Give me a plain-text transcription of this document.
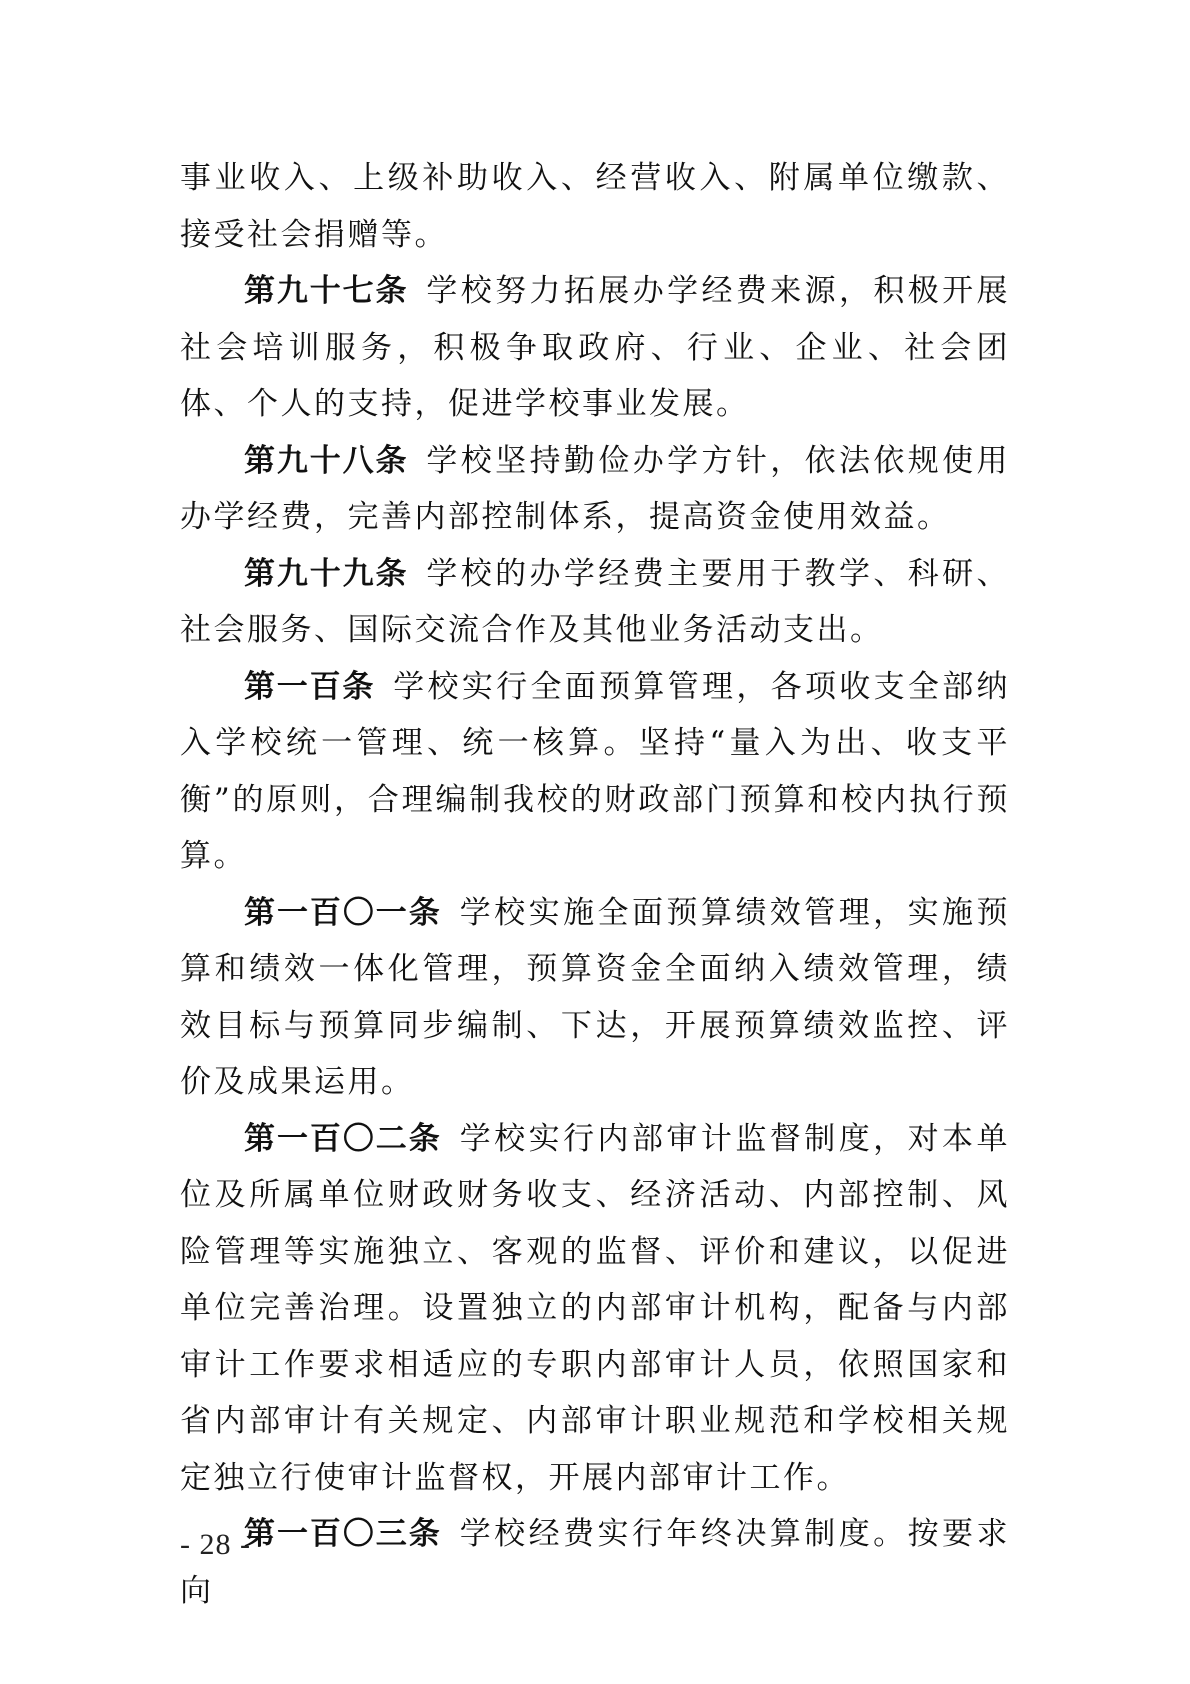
事业收入、上级补助收入、经营收入、附属单位缴款、接受社会捐赠等。

第九十七条 学校努力拓展办学经费来源，积极开展社会培训服务，积极争取政府、行业、企业、社会团体、个人的支持，促进学校事业发展。

第九十八条 学校坚持勤俭办学方针，依法依规使用办学经费，完善内部控制体系，提高资金使用效益。

第九十九条 学校的办学经费主要用于教学、科研、社会服务、国际交流合作及其他业务活动支出。

第一百条 学校实行全面预算管理，各项收支全部纳入学校统一管理、统一核算。坚持“量入为出、收支平衡”的原则，合理编制我校的财政部门预算和校内执行预算。

第一百〇一条 学校实施全面预算绩效管理，实施预算和绩效一体化管理，预算资金全面纳入绩效管理，绩效目标与预算同步编制、下达，开展预算绩效监控、评价及成果运用。

第一百〇二条 学校实行内部审计监督制度，对本单位及所属单位财政财务收支、经济活动、内部控制、风险管理等实施独立、客观的监督、评价和建议，以促进单位完善治理。设置独立的内部审计机构，配备与内部审计工作要求相适应的专职内部审计人员，依照国家和省内部审计有关规定、内部审计职业规范和学校相关规定独立行使审计监督权，开展内部审计工作。

第一百〇三条 学校经费实行年终决算制度。按要求向

- 28 -
